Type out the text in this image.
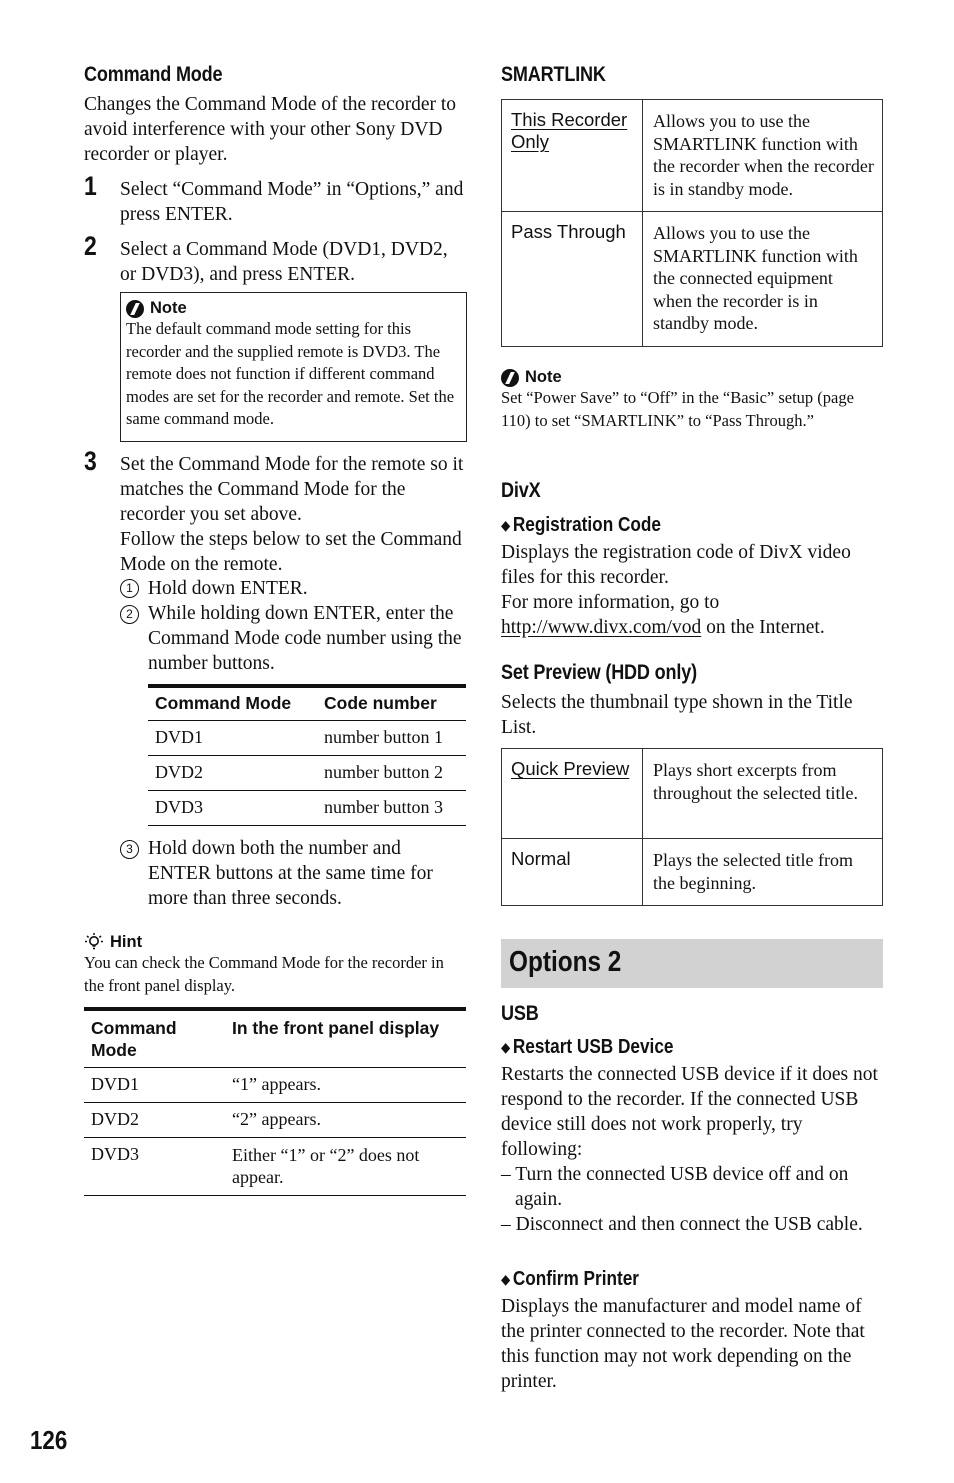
Command Mode
Changes the Command Mode of the recorder to avoid interference with your other Sony DVD recorder or player.
1 Select “Command Mode” in “Options,” and press ENTER.
2 Select a Command Mode (DVD1, DVD2, or DVD3), and press ENTER.
Note
The default command mode setting for this recorder and the supplied remote is DVD3. The remote does not function if different command modes are set for the recorder and remote. Set the same command mode.
3 Set the Command Mode for the remote so it matches the Command Mode for the recorder you set above.
Follow the steps below to set the Command Mode on the remote.
1 Hold down ENTER.
2 While holding down ENTER, enter the Command Mode code number using the number buttons.
Command Mode	Code number
DVD1	number button 1
DVD2	number button 2
DVD3	number button 3
3 Hold down both the number and ENTER buttons at the same time for more than three seconds.
Hint
You can check the Command Mode for the recorder in the front panel display.
Command Mode	In the front panel display
DVD1	“1” appears.
DVD2	“2” appears.
DVD3	Either “1” or “2” does not appear.
SMARTLINK
This Recorder Only	Allows you to use the SMARTLINK function with the recorder when the recorder is in standby mode.
Pass Through	Allows you to use the SMARTLINK function with the connected equipment when the recorder is in standby mode.
Note
Set “Power Save” to “Off” in the “Basic” setup (page 110) to set “SMARTLINK” to “Pass Through.”
DivX
◆ Registration Code
Displays the registration code of DivX video files for this recorder.
For more information, go to http://www.divx.com/vod on the Internet.
Set Preview (HDD only)
Selects the thumbnail type shown in the Title List.
Quick Preview	Plays short excerpts from throughout the selected title.
Normal	Plays the selected title from the beginning.
Options 2
USB
◆ Restart USB Device
Restarts the connected USB device if it does not respond to the recorder. If the connected USB device still does not work properly, try following:
– Turn the connected USB device off and on again.
– Disconnect and then connect the USB cable.
◆ Confirm Printer
Displays the manufacturer and model name of the printer connected to the recorder. Note that this function may not work depending on the printer.
126
